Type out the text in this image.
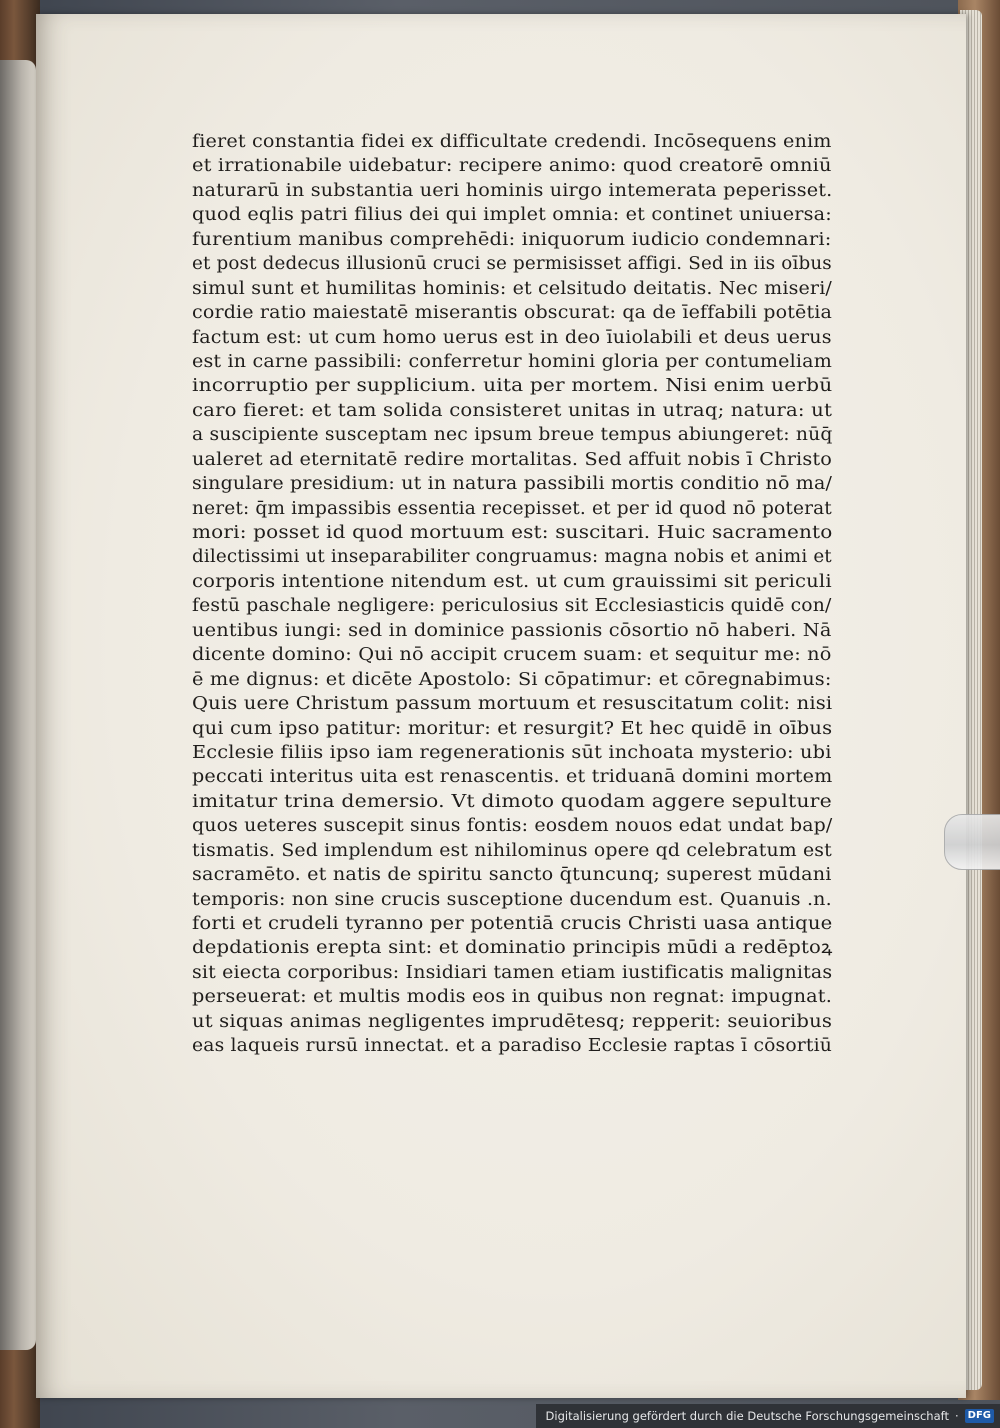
fieret constantia fidei ex difficultate credendi. Incōsequens enim
et irrationabile uidebatur: recipere animo: quod creatorē omniū
naturarū in substantia ueri hominis uirgo intemerata peperisset.
quod eqlis patri filius dei qui implet omnia: et continet uniuersa:
furentium manibus comprehēdi: iniquorum iudicio condemnari:
et post dedecus illusionū cruci se permisisset affigi. Sed in iis oībus
simul sunt et humilitas hominis: et celsitudo deitatis. Nec miseri/
cordie ratio maiestatē miserantis obscurat: qa de īeffabili potētia
factum est: ut cum homo uerus est in deo īuiolabili et deus uerus
est in carne passibili: conferretur homini gloria per contumeliam
incorruptio per supplicium. uita per mortem. Nisi enim uerbū
caro fieret: et tam solida consisteret unitas in utraq; natura: ut
a suscipiente susceptam nec ipsum breue tempus abiungeret: nūq̄
ualeret ad eternitatē redire mortalitas. Sed affuit nobis ī Christo
singulare presidium: ut in natura passibili mortis conditio nō ma/
neret: q̄m impassibis essentia recepisset. et per id quod nō poterat
mori: posset id quod mortuum est: suscitari. Huic sacramento
dilectissimi ut inseparabiliter congruamus: magna nobis et animi et
corporis intentione nitendum est. ut cum grauissimi sit periculi
festū paschale negligere: periculosius sit Ecclesiasticis quidē con/
uentibus iungi: sed in dominice passionis cōsortio nō haberi. Nā
dicente domino: Qui nō accipit crucem suam: et sequitur me: nō
ē me dignus: et dicēte Apostolo: Si cōpatimur: et cōregnabimus:
Quis uere Christum passum mortuum et resuscitatum colit: nisi
qui cum ipso patitur: moritur: et resurgit? Et hec quidē in oībus
Ecclesie filiis ipso iam regenerationis sūt inchoata mysterio: ubi
peccati interitus uita est renascentis. et triduanā domini mortem
imitatur trina demersio. Vt dimoto quodam aggere sepulture
quos ueteres suscepit sinus fontis: eosdem nouos edat undat bap/
tismatis. Sed implendum est nihilominus opere qd celebratum est
sacramēto. et natis de spiritu sancto q̄tuncunq; superest mūdani
temporis: non sine crucis susceptione ducendum est. Quanuis .n.
forti et crudeli tyranno per potentiā crucis Christi uasa antique
depdationis erepta sint: et dominatio principis mūdi a redēptoꝝ
sit eiecta corporibus: Insidiari tamen etiam iustificatis malignitas
perseuerat: et multis modis eos in quibus non regnat: impugnat.
ut siquas animas negligentes imprudētesq; repperit: seuioribus
eas laqueis rursū innectat. et a paradiso Ecclesie raptas ī cōsortiū
Digitalisierung gefördert durch die Deutsche Forschungsgemeinschaft · DFG
